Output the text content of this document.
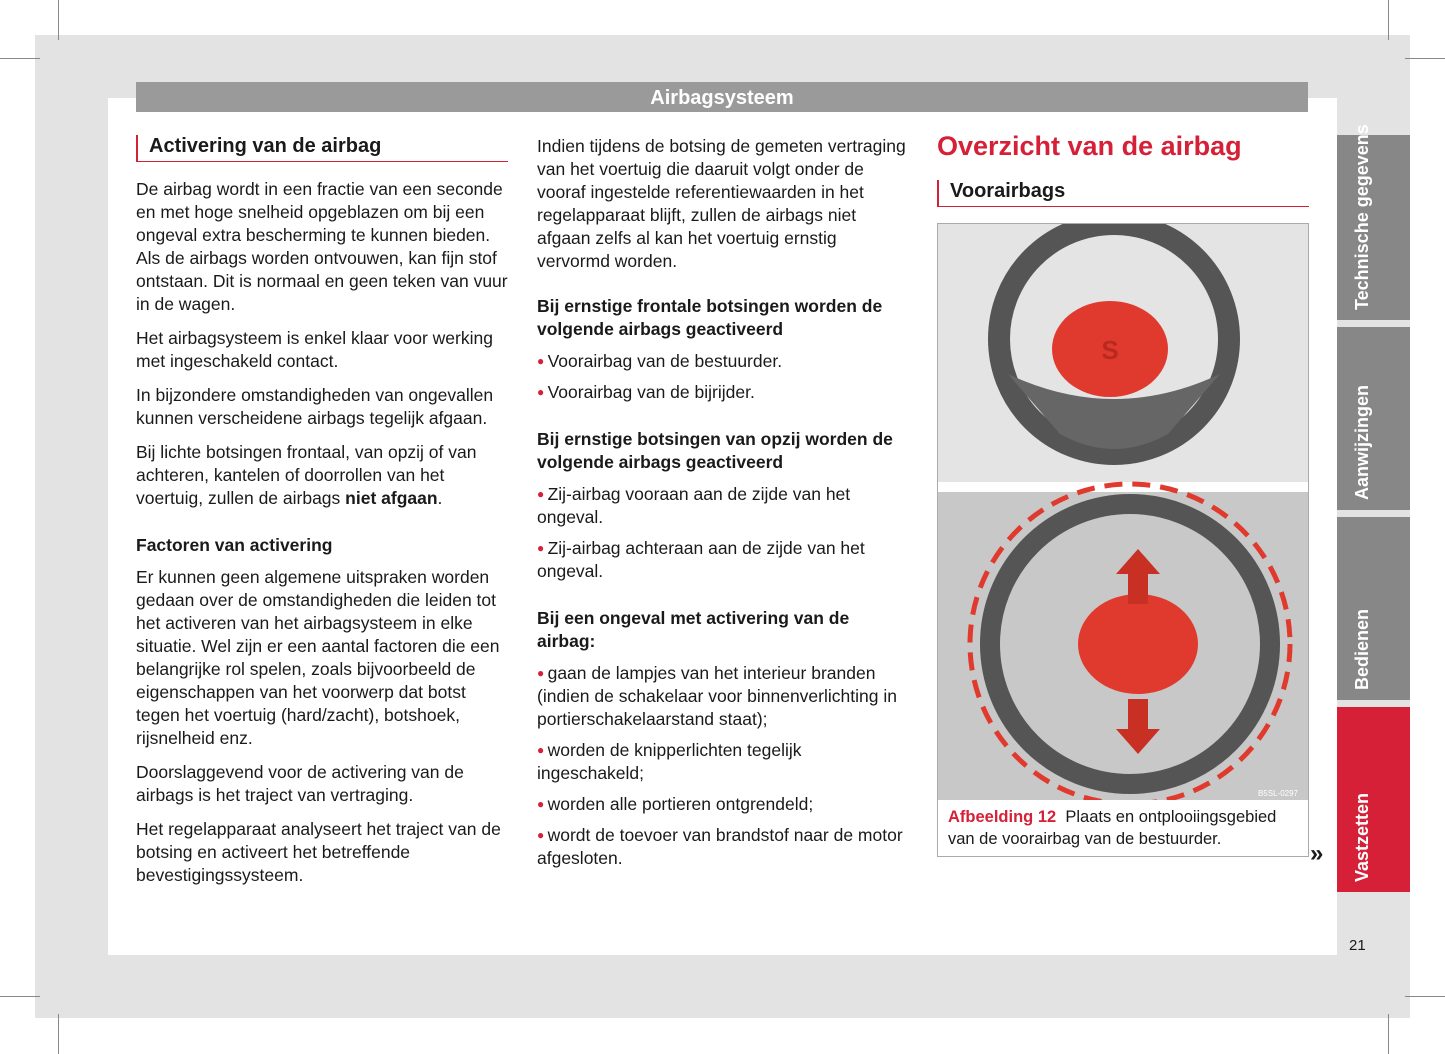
Airbagsysteem
Activering van de airbag

De airbag wordt in een fractie van een seconde en met hoge snelheid opgeblazen om bij een ongeval extra bescherming te kunnen bieden. Als de airbags worden ontvouwen, kan fijn stof ontstaan. Dit is normaal en geen teken van vuur in de wagen.

Het airbagsysteem is enkel klaar voor werking met ingeschakeld contact.

In bijzondere omstandigheden van ongevallen kunnen verscheidene airbags tegelijk afgaan.

Bij lichte botsingen frontaal, van opzij of van achteren, kantelen of doorrollen van het voertuig, zullen de airbags niet afgaan.

Factoren van activering

Er kunnen geen algemene uitspraken worden gedaan over de omstandigheden die leiden tot het activeren van het airbagsysteem in elke situatie. Wel zijn er een aantal factoren die een belangrijke rol spelen, zoals bijvoorbeeld de eigenschappen van het voorwerp dat botst tegen het voertuig (hard/zacht), botshoek, rijsnelheid enz.

Doorslaggevend voor de activering van de airbags is het traject van vertraging.

Het regelapparaat analyseert het traject van de botsing en activeert het betreffende bevestigingssysteem.

Indien tijdens de botsing de gemeten vertraging van het voertuig die daaruit volgt onder de vooraf ingestelde referentiewaarden in het regelapparaat blijft, zullen de airbags niet afgaan zelfs al kan het voertuig ernstig vervormd worden.

Bij ernstige frontale botsingen worden de volgende airbags geactiveerd
● Voorairbag van de bestuurder.
● Voorairbag van de bijrijder.
Bij ernstige botsingen van opzij worden de volgende airbags geactiveerd
● Zij-airbag vooraan aan de zijde van het ongeval.
● Zij-airbag achteraan aan de zijde van het ongeval.
Bij een ongeval met activering van de airbag:
● gaan de lampjes van het interieur branden (indien de schakelaar voor binnenverlichting in portierschakelaarstand staat);
● worden de knipperlichten tegelijk ingeschakeld;
● worden alle portieren ontgrendeld;
● wordt de toevoer van brandstof naar de motor afgesloten.
Overzicht van de airbag
Voorairbags
S
B5SL-0297
Afbeelding 12 Plaats en ontplooiingsgebied van de voorairbag van de bestuurder.
»
Technische gegevens
Aanwijzingen
Bedienen
Vastzetten
21
